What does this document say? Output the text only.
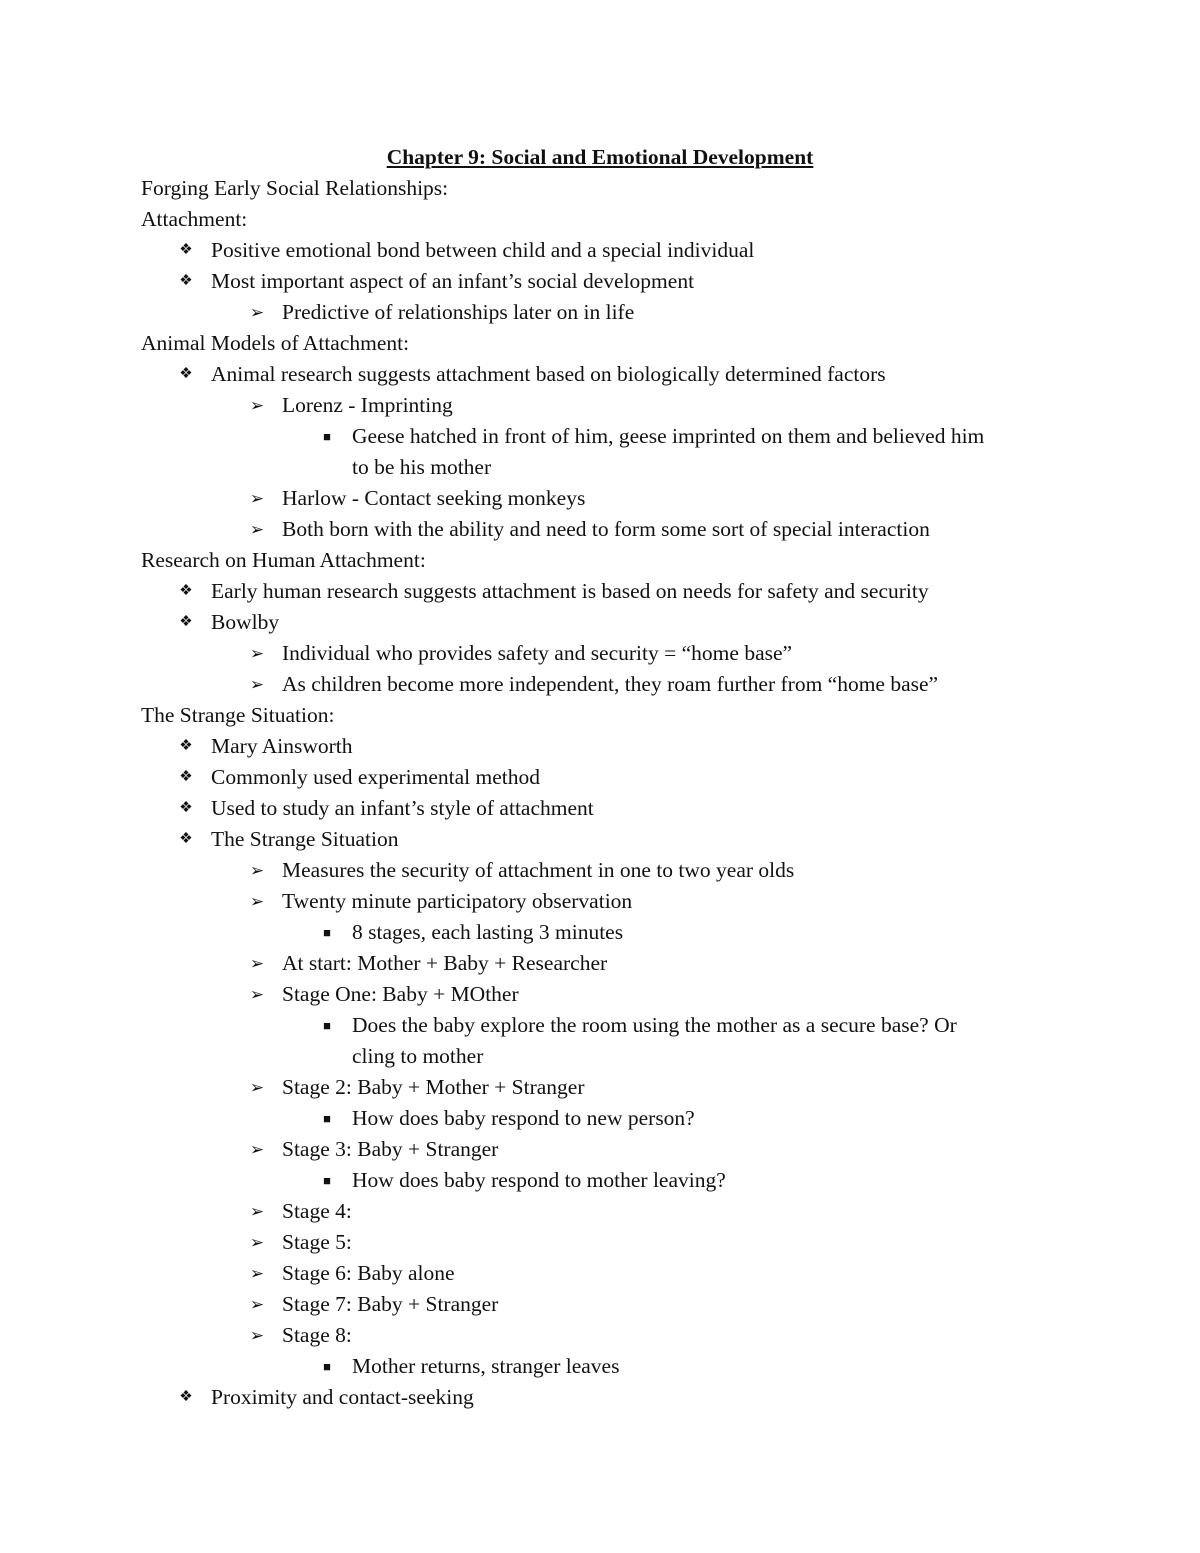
Chapter 9: Social and Emotional Development
Forging Early Social Relationships:
Attachment:
❖ Positive emotional bond between child and a special individual
❖ Most important aspect of an infant’s social development
➢ Predictive of relationships later on in life
Animal Models of Attachment:
❖ Animal research suggests attachment based on biologically determined factors
➢ Lorenz - Imprinting
■ Geese hatched in front of him, geese imprinted on them and believed him
to be his mother
➢ Harlow - Contact seeking monkeys
➢ Both born with the ability and need to form some sort of special interaction
Research on Human Attachment:
❖ Early human research suggests attachment is based on needs for safety and security
❖ Bowlby
➢ Individual who provides safety and security = “home base”
➢ As children become more independent, they roam further from “home base”
The Strange Situation:
❖ Mary Ainsworth
❖ Commonly used experimental method
❖ Used to study an infant’s style of attachment
❖ The Strange Situation
➢ Measures the security of attachment in one to two year olds
➢ Twenty minute participatory observation
■ 8 stages, each lasting 3 minutes
➢ At start: Mother + Baby + Researcher
➢ Stage One: Baby + MOther
■ Does the baby explore the room using the mother as a secure base? Or
cling to mother
➢ Stage 2: Baby + Mother + Stranger
■ How does baby respond to new person?
➢ Stage 3: Baby + Stranger
■ How does baby respond to mother leaving?
➢ Stage 4:
➢ Stage 5:
➢ Stage 6: Baby alone
➢ Stage 7: Baby + Stranger
➢ Stage 8:
■ Mother returns, stranger leaves
❖ Proximity and contact-seeking
